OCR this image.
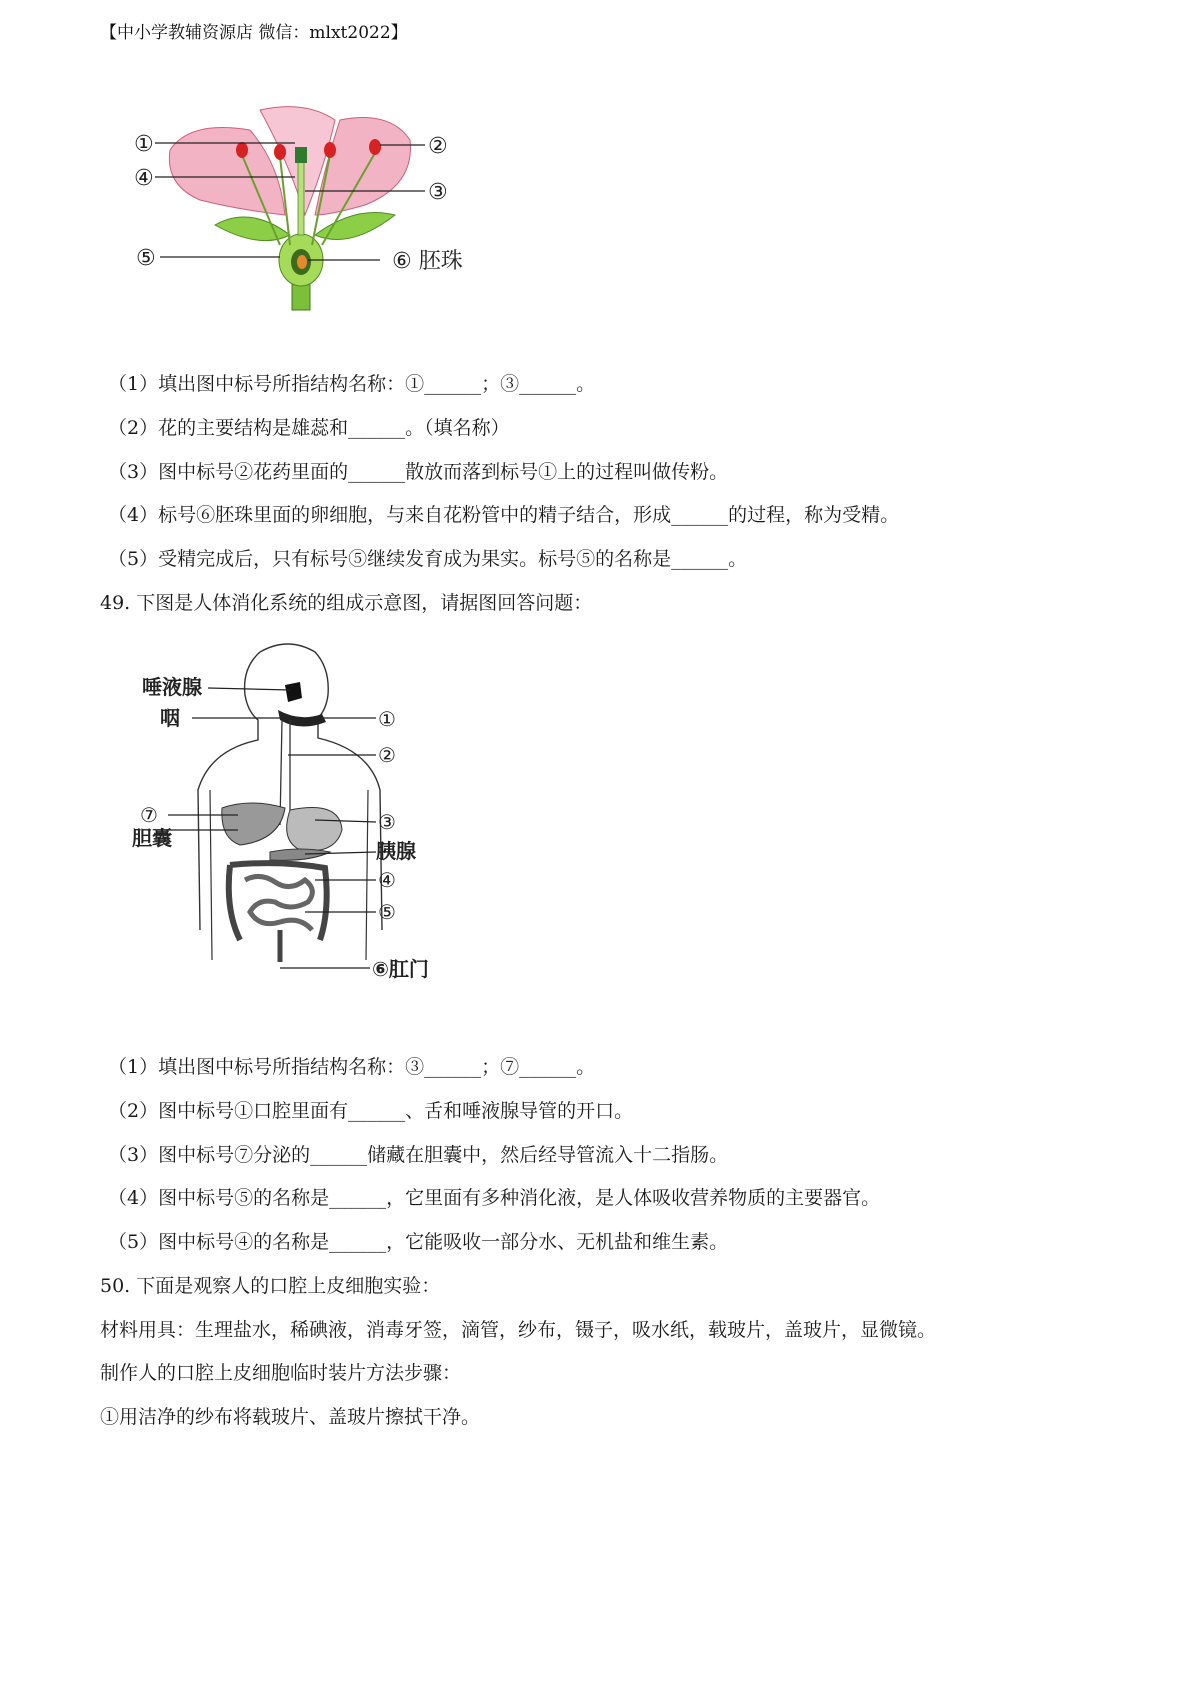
【中小学教辅资源店 微信：mlxt2022】
①	②
④
③
⑤	⑥ 胚珠
（1）填出图中标号所指结构名称：①______；③______。
（2）花的主要结构是雄蕊和______。（填名称）
（3）图中标号②花药里面的______散放而落到标号①上的过程叫做传粉。
（4）标号⑥胚珠里面的卵细胞，与来自花粉管中的精子结合，形成______的过程，称为受精。
（5）受精完成后，只有标号⑤继续发育成为果实。标号⑤的名称是______。
49. 下图是人体消化系统的组成示意图，请据图回答问题：
唾液腺
咽	①
②
⑦
胆囊
③
胰腺
④
⑤
⑥肛门
（1）填出图中标号所指结构名称：③______；⑦______。
（2）图中标号①口腔里面有______、舌和唾液腺导管的开口。
（3）图中标号⑦分泌的______储藏在胆囊中，然后经导管流入十二指肠。
（4）图中标号⑤的名称是______，它里面有多种消化液，是人体吸收营养物质的主要器官。
（5）图中标号④的名称是______，它能吸收一部分水、无机盐和维生素。
50. 下面是观察人的口腔上皮细胞实验：
材料用具：生理盐水，稀碘液，消毒牙签，滴管，纱布，镊子，吸水纸，载玻片，盖玻片，显微镜。
制作人的口腔上皮细胞临时装片方法步骤：
①用洁净的纱布将载玻片、盖玻片擦拭干净。
